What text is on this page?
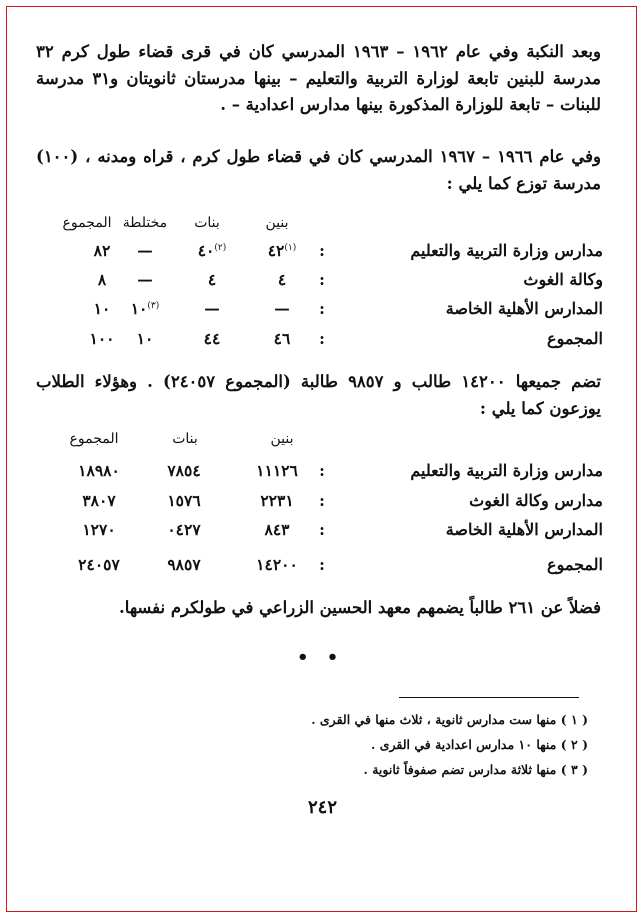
وبعد النكبة وفي عام ١٩٦٢ – ١٩٦٣ المدرسي كان في قرى قضاء طول كرم ٣٢ مدرسة للبنين تابعة لوزارة التربية والتعليم – بينها مدرستان ثانويتان و٣١ مدرسة للبنات – تابعة للوزارة المذكورة بينها مدارس اعدادية – .
وفي عام ١٩٦٦ – ١٩٦٧ المدرسي كان في قضاء طول كرم ، قراه ومدنه ، (١٠٠) مدرسة توزع كما يلي :
بنين
بنات
مختلطة
المجموع
مدارس وزارة التربية والتعليم
:
$^{(١)}$٤٢
$^{(٢)}$٤٠
—
٨٢
وكالة الغوث
:
٤
٤
—
٨
المدارس الأهلية الخاصة
:
—
—
$^{(٣)}$١٠
١٠
المجموع
:
٤٦
٤٤
١٠
١٠٠
تضم جميعها ١٤٢٠٠ طالب و ٩٨٥٧ طالبة (المجموع ٢٤٠٥٧) . وهؤلاء الطلاب يوزعون كما يلي :
بنين
بنات
المجموع
مدارس وزارة التربية والتعليم
:
١١١٢٦
٧٨٥٤
١٨٩٨٠
مدارس وكالة الغوث
:
٢٢٣١
١٥٧٦
٣٨٠٧
المدارس الأهلية الخاصة
:
٨٤٣
٠٤٢٧
١٢٧٠
المجموع
:
١٤٢٠٠
٩٨٥٧
٢٤٠٥٧
فضلاً عن ٢٦١ طالباً يضمهم معهد الحسين الزراعي في طولكرم نفسها.
• •
( ١ ) منها ست مدارس ثانوية ، ثلاث منها في القرى .
( ٢ ) منها ١٠ مدارس اعدادية في القرى .
( ٣ ) منها ثلاثة مدارس تضم صفوفاً ثانوية .
٢٤٢
